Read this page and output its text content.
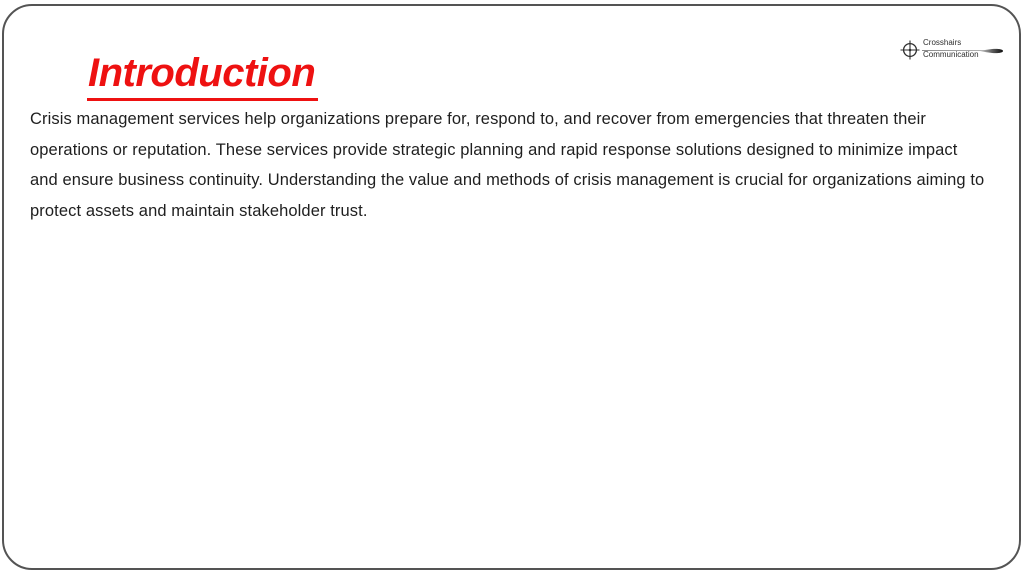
Introduction
Crosshairs
Communication
Crisis management services help organizations prepare for, respond to, and recover from emergencies that threaten their
operations or reputation. These services provide strategic planning and rapid response solutions designed to minimize impact
and ensure business continuity. Understanding the value and methods of crisis management is crucial for organizations aiming to
protect assets and maintain stakeholder trust.
